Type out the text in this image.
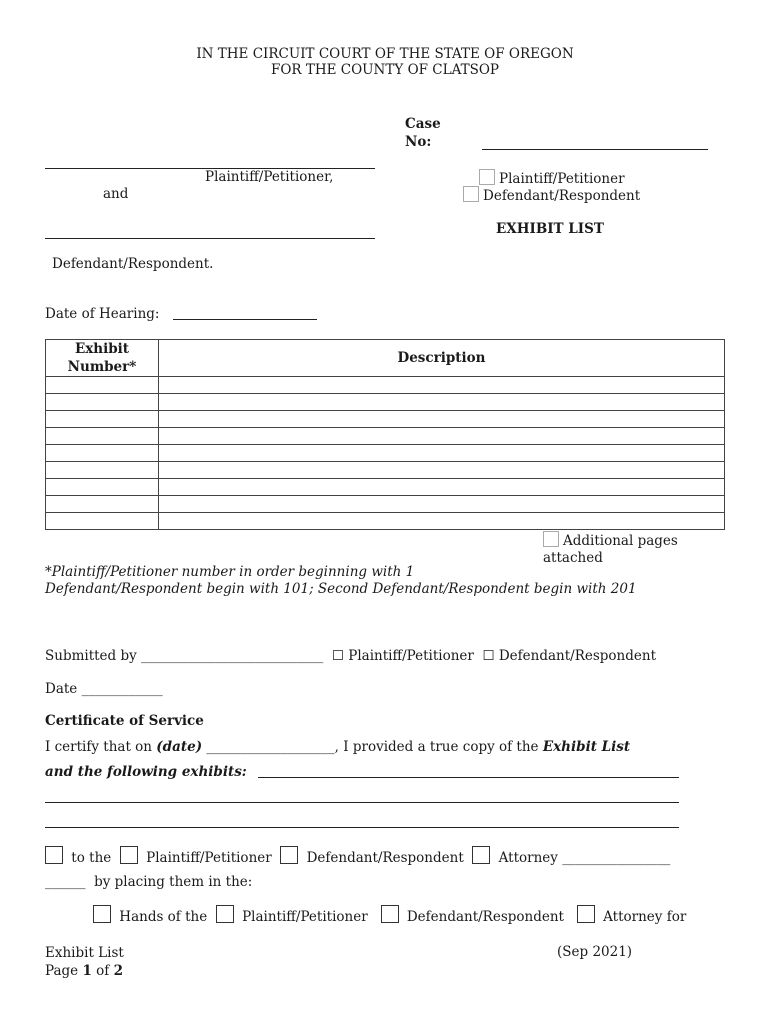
IN THE CIRCUIT COURT OF THE STATE OF OREGON
FOR THE COUNTY OF CLATSOP
Plaintiff/Petitioner,
and
Defendant/Respondent.
Case
No:
Plaintiff/Petitioner
Defendant/Respondent
EXHIBIT LIST
Date of Hearing:
Exhibit
Number*	Description

Additional pages
attached
*Plaintiff/Petitioner number in order beginning with 1
Defendant/Respondent begin with 101; Second Defendant/Respondent begin with 201
Submitted by ___________________________ ☐ Plaintiff/Petitioner ☐ Defendant/Respondent
Date ____________
Certificate of Service
I certify that on (date) ___________________, I provided a true copy of the Exhibit List
and the following exhibits:
to the	Plaintiff/Petitioner	Defendant/Respondent	Attorney ________________
______ by placing them in the:
Hands of the	Plaintiff/Petitioner	Defendant/Respondent	Attorney for
Exhibit List
Page 1 of 2
(Sep 2021)
